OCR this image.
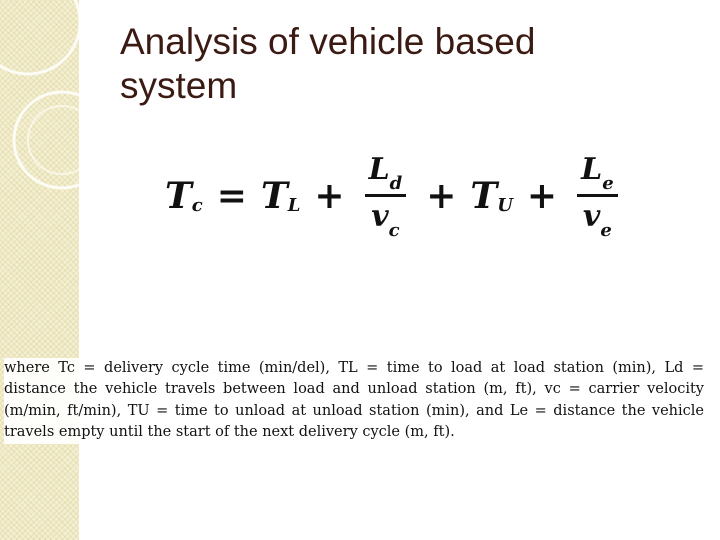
Analysis of vehicle based
system
T c = T $L + \frac{L_d}{v_c} + T$ $U + \frac{L_e}{v_e}$

where Tc = delivery cycle time (min/del), TL = time to load at load station (min), Ld = distance the vehicle travels between load and unload station (m, ft), vc = carrier velocity (m/min, ft/min), TU = time to unload at unload station (min), and Le = distance the vehicle travels empty until the start of the next delivery cycle (m, ft).
